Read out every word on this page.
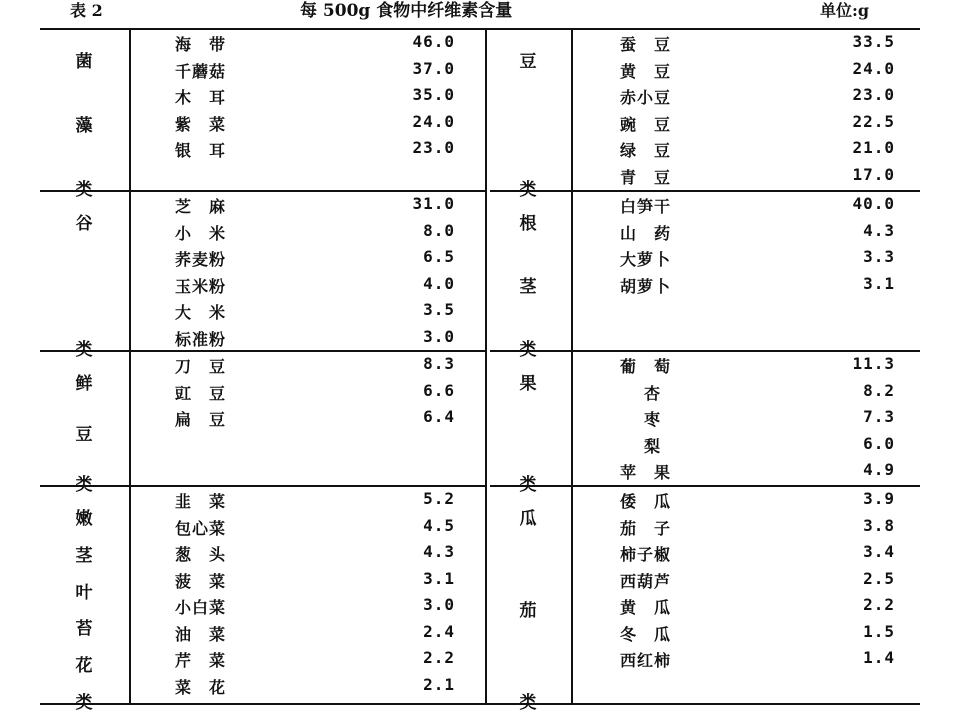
表 2	每 500g 食物中纤维素含量	单位:g
菌
藻
类
海　带	46.0
千蘑菇	37.0
木　耳	35.0
紫　菜	24.0
银　耳	23.0
谷
类
芝　麻	31.0
小　米	8.0
荞麦粉	6.5
玉米粉	4.0
大　米	3.5
标准粉	3.0
鲜
豆
类
刀　豆	8.3
豇　豆	6.6
扁　豆	6.4
嫩
茎
叶
苔
花
类
韭　菜	5.2
包心菜	4.5
葱　头	4.3
菠　菜	3.1
小白菜	3.0
油　菜	2.4
芹　菜	2.2
菜　花	2.1
豆
类
蚕　豆	33.5
黄　豆	24.0
赤小豆	23.0
豌　豆	22.5
绿　豆	21.0
青　豆	17.0
根
茎
类
白笋干	40.0
山　药	4.3
大萝卜	3.3
胡萝卜	3.1
果
类
葡　萄	11.3
杏	8.2
枣	7.3
梨	6.0
苹　果	4.9
瓜
茄
类
倭　瓜	3.9
茄　子	3.8
柿子椒	3.4
西葫芦	2.5
黄　瓜	2.2
冬　瓜	1.5
西红柿	1.4
